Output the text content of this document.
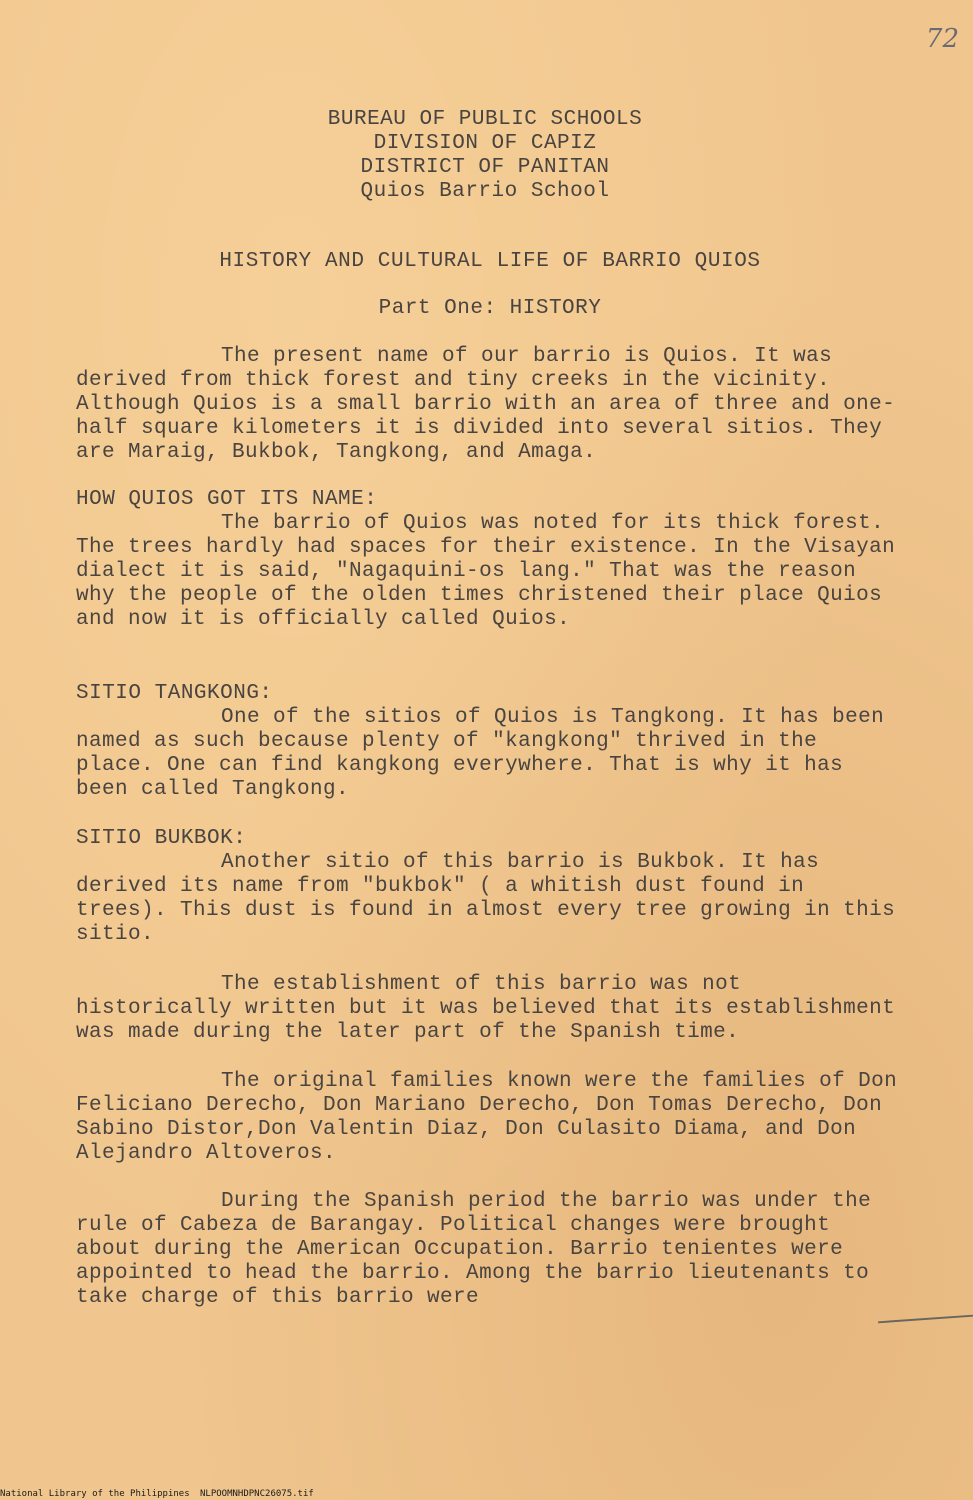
72

BUREAU OF PUBLIC SCHOOLS

DIVISION OF CAPIZ

DISTRICT OF PANITAN

Quios Barrio School

HISTORY AND CULTURAL LIFE OF BARRIO QUIOS

Part One: HISTORY

The present name of our barrio is Quios. It was derived from thick forest and tiny creeks in the vicinity. Although Quios is a small barrio with an area of three and one-half square kilometers it is divided into several sitios. They are Maraig, Bukbok, Tangkong, and Amaga.

HOW QUIOS GOT ITS NAME:

The barrio of Quios was noted for its thick forest. The trees hardly had spaces for their existence. In the Visayan dialect it is said, "Nagaquini-os lang." That was the reason why the people of the olden times christened their place Quios and now it is officially called Quios.

SITIO TANGKONG:

One of the sitios of Quios is Tangkong. It has been named as such because plenty of "kangkong" thrived in the place. One can find kangkong everywhere. That is why it has been called Tangkong.

SITIO BUKBOK:

Another sitio of this barrio is Bukbok. It has derived its name from "bukbok" ( a whitish dust found in trees). This dust is found in almost every tree growing in this sitio.

The establishment of this barrio was not historically written but it was believed that its establishment was made during the later part of the Spanish time.

The original families known were the families of Don Feliciano Derecho, Don Mariano Derecho, Don Tomas Derecho, Don Sabino Distor,Don Valentin Diaz, Don Culasito Diama, and Don Alejandro Altoveros.

During the Spanish period the barrio was under the rule of Cabeza de Barangay. Political changes were brought about during the American Occupation. Barrio tenientes were appointed to head the barrio. Among the barrio lieutenants to take charge of this barrio were

National Library of the Philippines NLPOOMNHDPNC26075.tif
